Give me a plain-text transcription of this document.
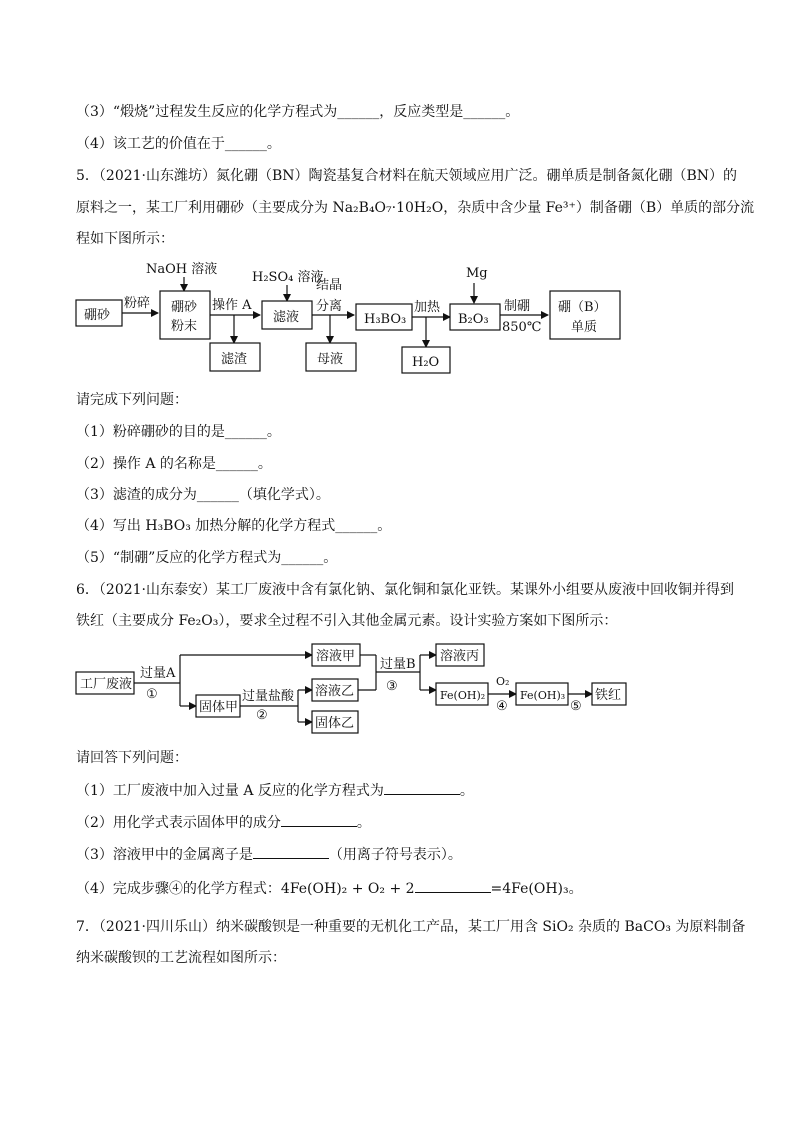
（3）“煅烧”过程发生反应的化学方程式为______，反应类型是______。
（4）该工艺的价值在于______。
5．（2021·山东潍坊）氮化硼（BN）陶瓷基复合材料在航天领域应用广泛。硼单质是制备氮化硼（BN）的
原料之一，某工厂利用硼砂（主要成分为 Na₂B₄O₇·10H₂O，杂质中含少量 Fe³⁺）制备硼（B）单质的部分流
程如下图所示：
硼砂
粉碎
NaOH 溶液
硼砂
粉末
操作 A
滤渣
H₂SO₄ 溶液
滤液
结晶
分离
母液
H₃BO₃
加热
H₂O
Mg
B₂O₃
制硼
850℃
硼（B）
单质
请完成下列问题：
（1）粉碎硼砂的目的是______。
（2）操作 A 的名称是______。
（3）滤渣的成分为______（填化学式）。
（4）写出 H₃BO₃ 加热分解的化学方程式______。
（5）“制硼”反应的化学方程式为______。
6．（2021·山东泰安）某工厂废液中含有氯化钠、氯化铜和氯化亚铁。某课外小组要从废液中回收铜并得到
铁红（主要成分 Fe₂O₃），要求全过程不引入其他金属元素。设计实验方案如下图所示：
工厂废液
过量A
①
溶液甲
固体甲
过量盐酸
②
溶液乙
固体乙
过量B
③
溶液丙
Fe(OH)₂
O₂
④
Fe(OH)₃
⑤
铁红
请回答下列问题：
（1）工厂废液中加入过量 A 反应的化学方程式为	。
（2）用化学式表示固体甲的成分	。
（3）溶液甲中的金属离子是	（用离子符号表示）。
（4）完成步骤④的化学方程式：4Fe(OH)₂ + O₂ + 2	=4Fe(OH)₃。
7．（2021·四川乐山）纳米碳酸钡是一种重要的无机化工产品，某工厂用含 SiO₂ 杂质的 BaCO₃ 为原料制备
纳米碳酸钡的工艺流程如图所示：
